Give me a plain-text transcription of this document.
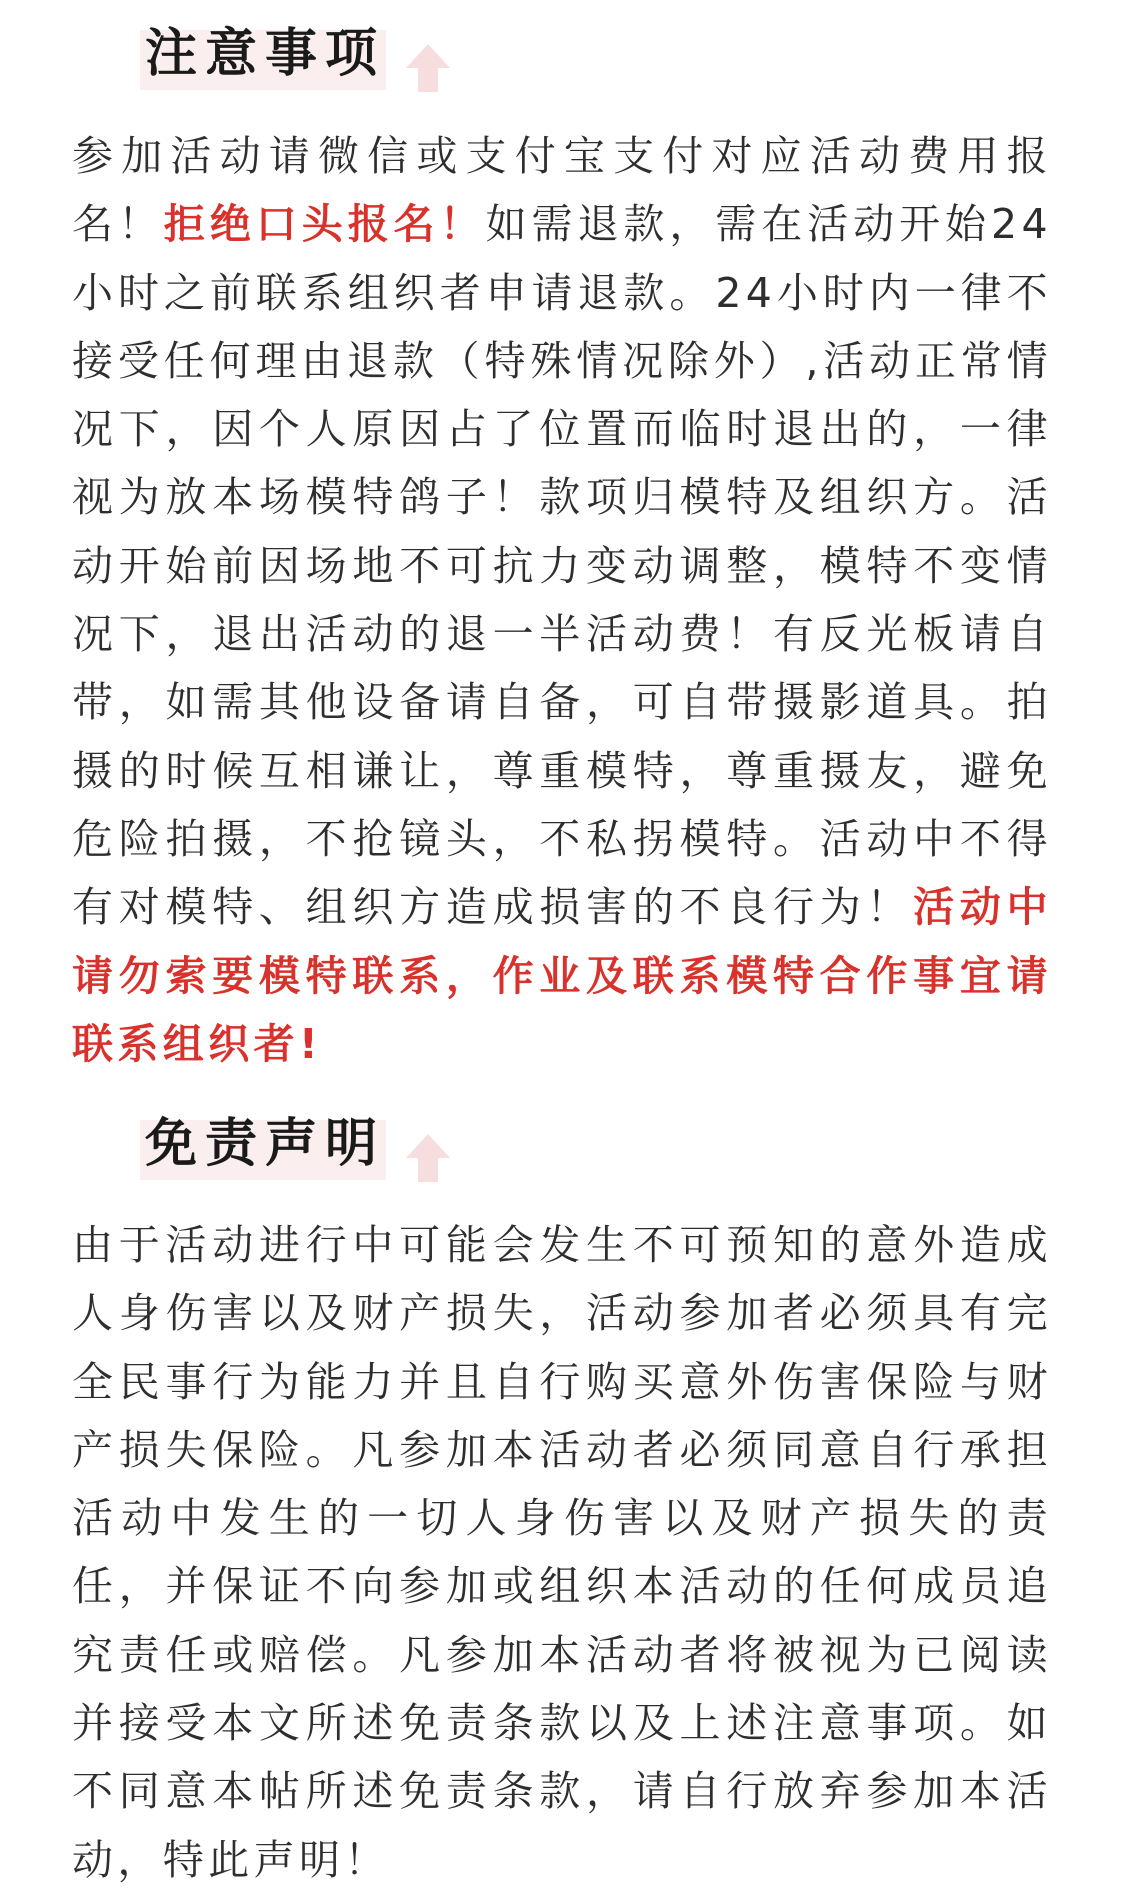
注意事项
参加活动请微信或支付宝支付对应活动费用报名！拒绝口头报名！如需退款，需在活动开始24小时之前联系组织者申请退款。24小时内一律不接受任何理由退款（特殊情况除外）,活动正常情况下，因个人原因占了位置而临时退出的，一律视为放本场模特鸽子！款项归模特及组织方。活动开始前因场地不可抗力变动调整，模特不变情况下，退出活动的退一半活动费！有反光板请自带，如需其他设备请自备，可自带摄影道具。拍摄的时候互相谦让，尊重模特，尊重摄友，避免危险拍摄，不抢镜头，不私拐模特。活动中不得有对模特、组织方造成损害的不良行为！活动中请勿索要模特联系，作业及联系模特合作事宜请联系组织者!
免责声明
由于活动进行中可能会发生不可预知的意外造成人身伤害以及财产损失，活动参加者必须具有完全民事行为能力并且自行购买意外伤害保险与财产损失保险。凡参加本活动者必须同意自行承担活动中发生的一切人身伤害以及财产损失的责任，并保证不向参加或组织本活动的任何成员追究责任或赔偿。凡参加本活动者将被视为已阅读并接受本文所述免责条款以及上述注意事项。如不同意本帖所述免责条款，请自行放弃参加本活动，特此声明！
